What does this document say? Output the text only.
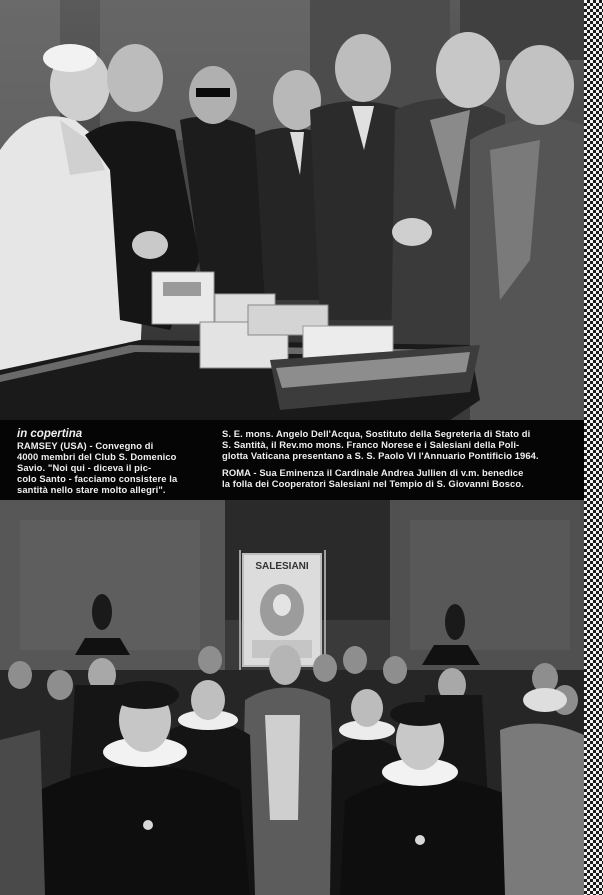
in copertina
RAMSEY (USA) - Convegno di
4000 membri del Club S. Domenico
Savio. "Noi qui - diceva il pic-
colo Santo - facciamo consistere la
santità nello stare molto allegri".
S. E. mons. Angelo Dell'Acqua, Sostituto della Segreteria di Stato di
S. Santità, il Rev.mo mons. Franco Norese e i Salesiani della Poli-
glotta Vaticana presentano a S. S. Paolo VI l'Annuario Pontificio 1964.
ROMA - Sua Eminenza il Cardinale Andrea Jullien di v.m. benedice
la folla dei Cooperatori Salesiani nel Tempio di S. Giovanni Bosco.
SALESIANI
